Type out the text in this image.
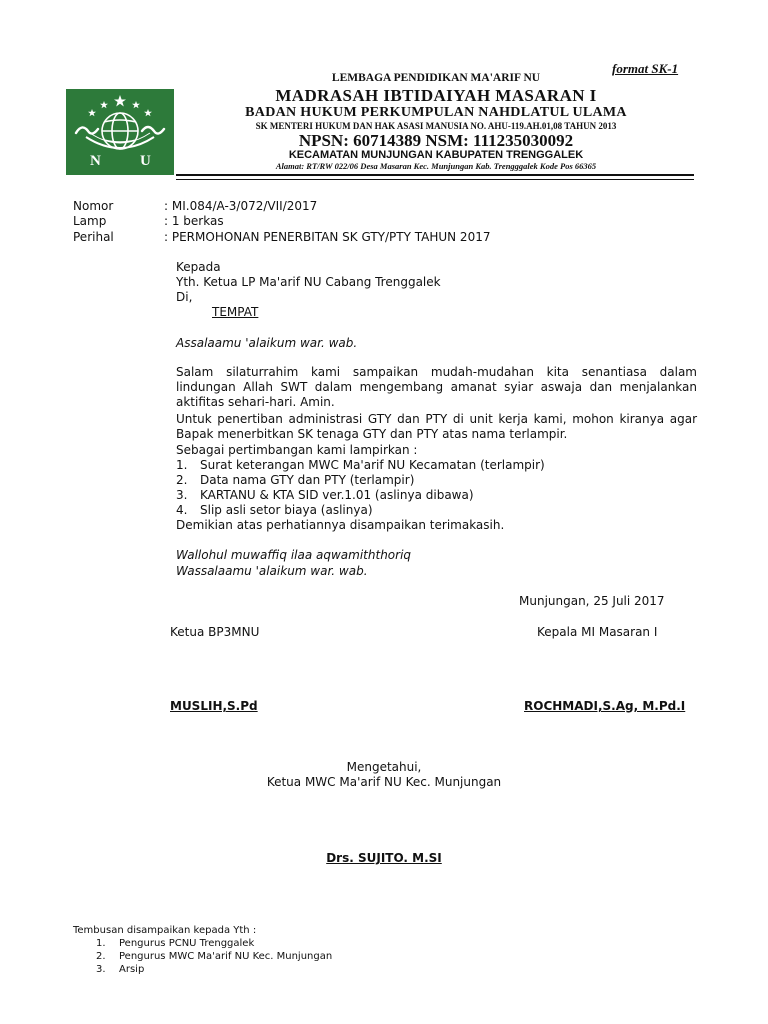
format SK-1
N	U
LEMBAGA PENDIDIKAN MA'ARIF NU
MADRASAH IBTIDAIYAH MASARAN I
BADAN HUKUM PERKUMPULAN NAHDLATUL ULAMA
SK MENTERI HUKUM DAN HAK ASASI MANUSIA NO. AHU-119.AH.01,08 TAHUN 2013
NPSN: 60714389 NSM: 111235030092
KECAMATAN MUNJUNGAN KABUPATEN TRENGGALEK
Alamat: RT/RW 022/06 Desa Masaran Kec. Munjungan Kab. Trengggalek Kode Pos 66365
Nomor	: MI.084/A-3/072/VII/2017
Lamp	: 1 berkas
Perihal	: PERMOHONAN PENERBITAN SK GTY/PTY TAHUN 2017
Kepada
Yth. Ketua LP Ma'arif NU Cabang Trenggalek
Di,
TEMPAT
Assalaamu 'alaikum war. wab.
Salam silaturrahim kami sampaikan mudah-mudahan kita senantiasa dalam lindungan Allah SWT dalam mengembang amanat syiar aswaja dan menjalankan aktifitas sehari-hari. Amin.
Untuk penertiban administrasi GTY dan PTY di unit kerja kami, mohon kiranya agar Bapak menerbitkan SK tenaga GTY dan PTY atas nama terlampir.
Sebagai pertimbangan kami lampirkan :
1. Surat keterangan MWC Ma'arif NU Kecamatan (terlampir)
2. Data nama GTY dan PTY (terlampir)
3. KARTANU & KTA SID ver.1.01 (aslinya dibawa)
4. Slip asli setor biaya (aslinya)
Demikian atas perhatiannya disampaikan terimakasih.
Wallohul muwaffiq ilaa aqwamiththoriq
Wassalaamu 'alaikum war. wab.
Munjungan, 25 Juli 2017
Ketua BP3MNU	Kepala MI Masaran I
MUSLIH,S.Pd	ROCHMADI,S.Ag, M.Pd.I
Mengetahui,
Ketua MWC Ma'arif NU Kec. Munjungan
Drs. SUJITO. M.SI
Tembusan disampaikan kepada Yth :
1. Pengurus PCNU Trenggalek
2. Pengurus MWC Ma'arif NU Kec. Munjungan
3. Arsip
